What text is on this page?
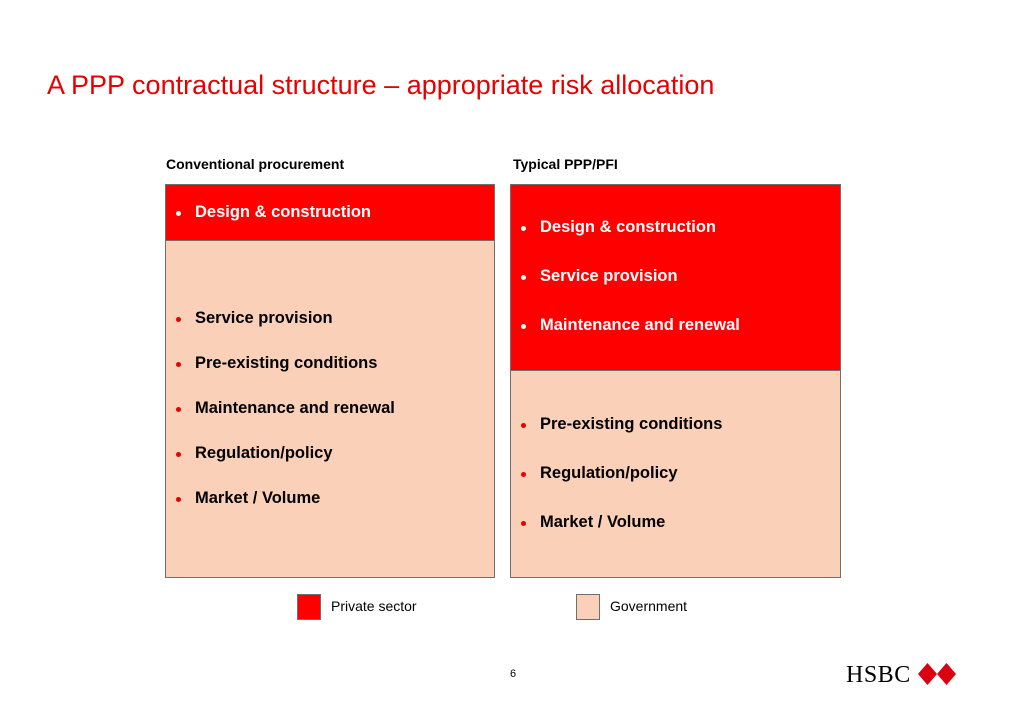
A PPP contractual structure – appropriate risk allocation
Conventional procurement
Design & construction
Service provision
Pre-existing conditions
Maintenance and renewal
Regulation/policy
Market / Volume
Typical PPP/PFI
Design & construction
Service provision
Maintenance and renewal
Pre-existing conditions
Regulation/policy
Market / Volume
Private sector	Government
6	HSBC
